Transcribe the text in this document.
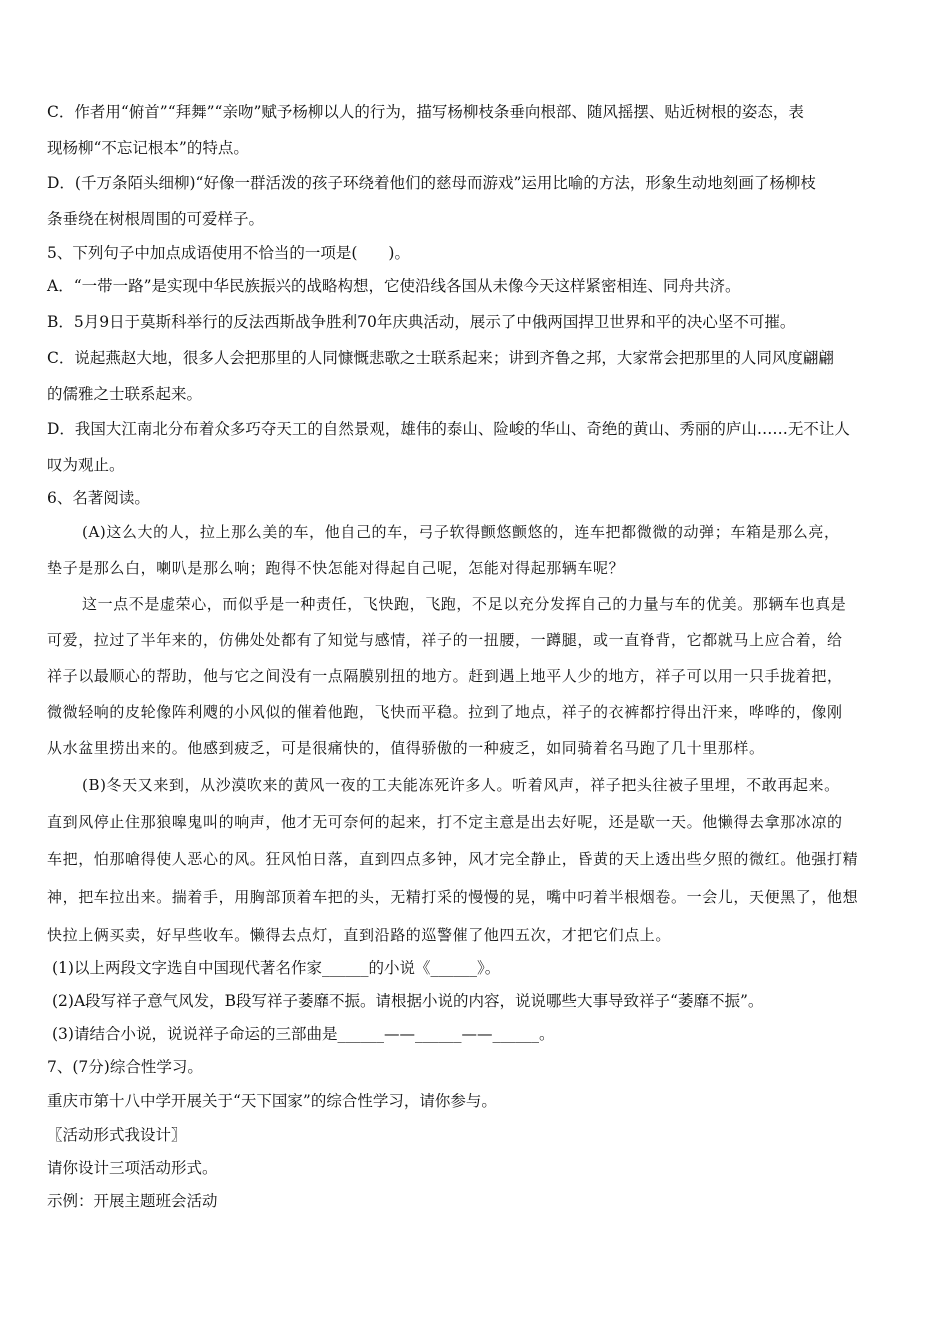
C．作者用“俯首”“拜舞”“亲吻”赋予杨柳以人的行为，描写杨柳枝条垂向根部、随风摇摆、贴近树根的姿态，表
现杨柳“不忘记根本”的特点。
D．(千万条陌头细柳)“好像一群活泼的孩子环绕着他们的慈母而游戏”运用比喻的方法，形象生动地刻画了杨柳枝
条垂绕在树根周围的可爱样子。
5、下列句子中加点成语使用不恰当的一项是(　　)。
A．“一带一路”是实现中华民族振兴的战略构想，它使沿线各国从未像今天这样紧密相连、同舟共济。
B．5月9日于莫斯科举行的反法西斯战争胜利70年庆典活动，展示了中俄两国捍卫世界和平的决心坚不可摧。
C．说起燕赵大地，很多人会把那里的人同慷慨悲歌之士联系起来；讲到齐鲁之邦，大家常会把那里的人同风度翩翩
的儒雅之士联系起来。
D．我国大江南北分布着众多巧夺天工的自然景观，雄伟的泰山、险峻的华山、奇绝的黄山、秀丽的庐山……无不让人
叹为观止。
6、名著阅读。
(A)这么大的人，拉上那么美的车，他自己的车，弓子软得颤悠颤悠的，连车把都微微的动弹；车箱是那么亮，
垫子是那么白，喇叭是那么响；跑得不快怎能对得起自己呢，怎能对得起那辆车呢？
这一点不是虚荣心，而似乎是一种责任，飞快跑，飞跑，不足以充分发挥自己的力量与车的优美。那辆车也真是
可爱，拉过了半年来的，仿佛处处都有了知觉与感情，祥子的一扭腰，一蹲腿，或一直脊背，它都就马上应合着，给
祥子以最顺心的帮助，他与它之间没有一点隔膜别扭的地方。赶到遇上地平人少的地方，祥子可以用一只手拢着把，
微微轻响的皮轮像阵利飕的小风似的催着他跑，飞快而平稳。拉到了地点，祥子的衣裤都拧得出汗来，哗哗的，像刚
从水盆里捞出来的。他感到疲乏，可是很痛快的，值得骄傲的一种疲乏，如同骑着名马跑了几十里那样。
(B)冬天又来到，从沙漠吹来的黄风一夜的工夫能冻死许多人。听着风声，祥子把头往被子里埋，不敢再起来。
直到风停止住那狼嗥鬼叫的响声，他才无可奈何的起来，打不定主意是出去好呢，还是歇一天。他懒得去拿那冰凉的
车把，怕那嗆得使人恶心的风。狂风怕日落，直到四点多钟，风才完全静止，昏黄的天上透出些夕照的微红。他强打精
神，把车拉出来。揣着手，用胸部顶着车把的头，无精打采的慢慢的晃，嘴中叼着半根烟卷。一会儿，天便黑了，他想
快拉上俩买卖，好早些收车。懒得去点灯，直到沿路的巡警催了他四五次，才把它们点上。
(1)以上两段文字选自中国现代著名作家______的小说《______》。
(2)A段写祥子意气风发，B段写祥子萎靡不振。请根据小说的内容，说说哪些大事导致祥子“萎靡不振”。
(3)请结合小说，说说祥子命运的三部曲是______——______——______。
7、(7分)综合性学习。
重庆市第十八中学开展关于“天下国家”的综合性学习，请你参与。
〖活动形式我设计〗
请你设计三项活动形式。
示例：开展主题班会活动
